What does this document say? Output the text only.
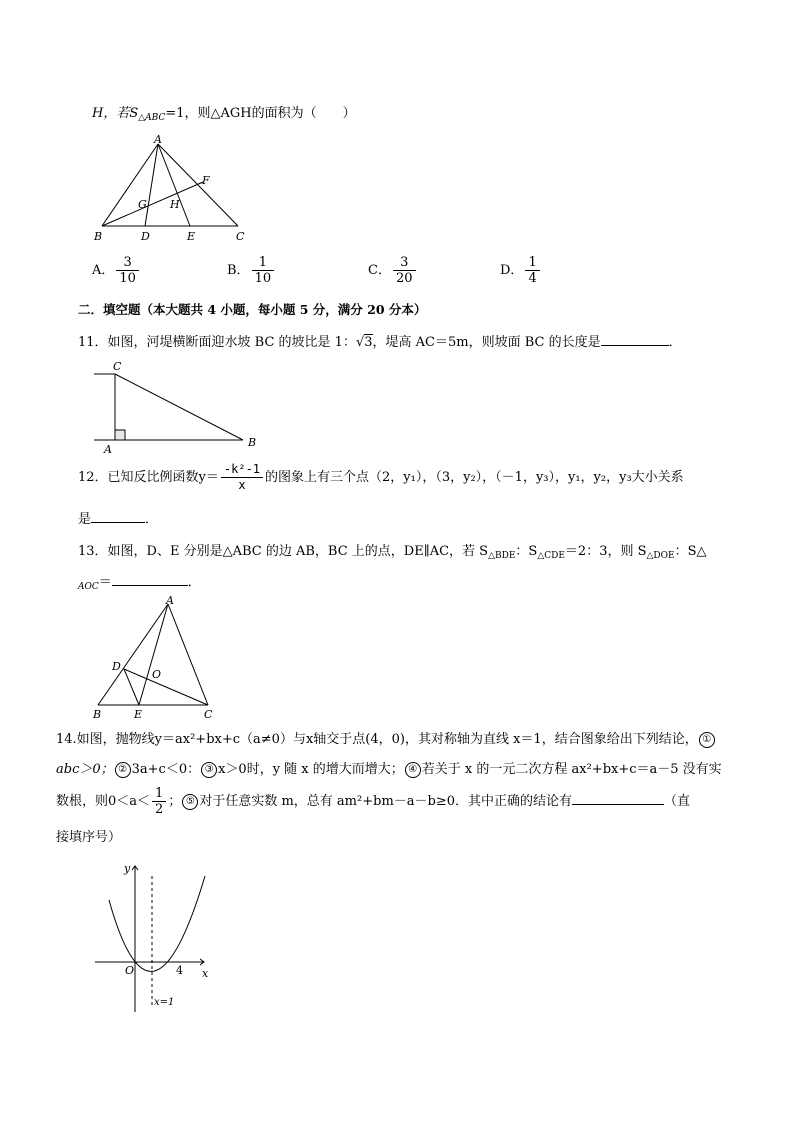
H，若$S_{\triangle ABC}=1$，则△AGH的面积为（　　）
A
F
G H
B	D	E	C
A． $\frac{3}{10}$	B． $\frac{1}{10}$	C． $\frac{3}{20}$	D． $\frac{1}{4}$
二．填空题（本大题共 4 小题，每小题 5 分，满分 20 分本）
11．如图，河堤横断面迎水坡 BC 的坡比是 1：√3，堤高 AC＝5m，则坡面 BC 的长度是	．
C
A
B
12．已知反比例函数$y= \frac{\text{-k²-1}}{x}$ 的图象上有三个点（2，y₁），（3，y₂），（－1，y₃），y₁，y₂，y₃大小关系
是	．
13．如图，D、E 分别是△ABC 的边 AB，BC 上的点，DE∥AC，若 $S_{\triangle BDE}$：$S_{\triangle CDE}=2$：3，则 $S_{\triangle DOE}$：S△
$_{AOC}$＝	．
A
D
O
B	E	C
14.如图，抛物线y＝ax²+bx+c（a≠0）与x轴交于点(4，0)，其对称轴为直线 x＝1，结合图象给出下列结论， ①
abc＞0； ② 3a+c＜0： ③ x＞0时，y 随 x 的增大而增大； ④ 若关于 x 的一元二次方程 ax²+bx+c＝a－5 没有实
数根，则$0<a< \frac{1}{2}$ ； ⑤ 对于任意实数 m，总有 am²+bm－a－b≥0．其中正确的结论有	（直
接填序号）
y
x
O	4
x=1
